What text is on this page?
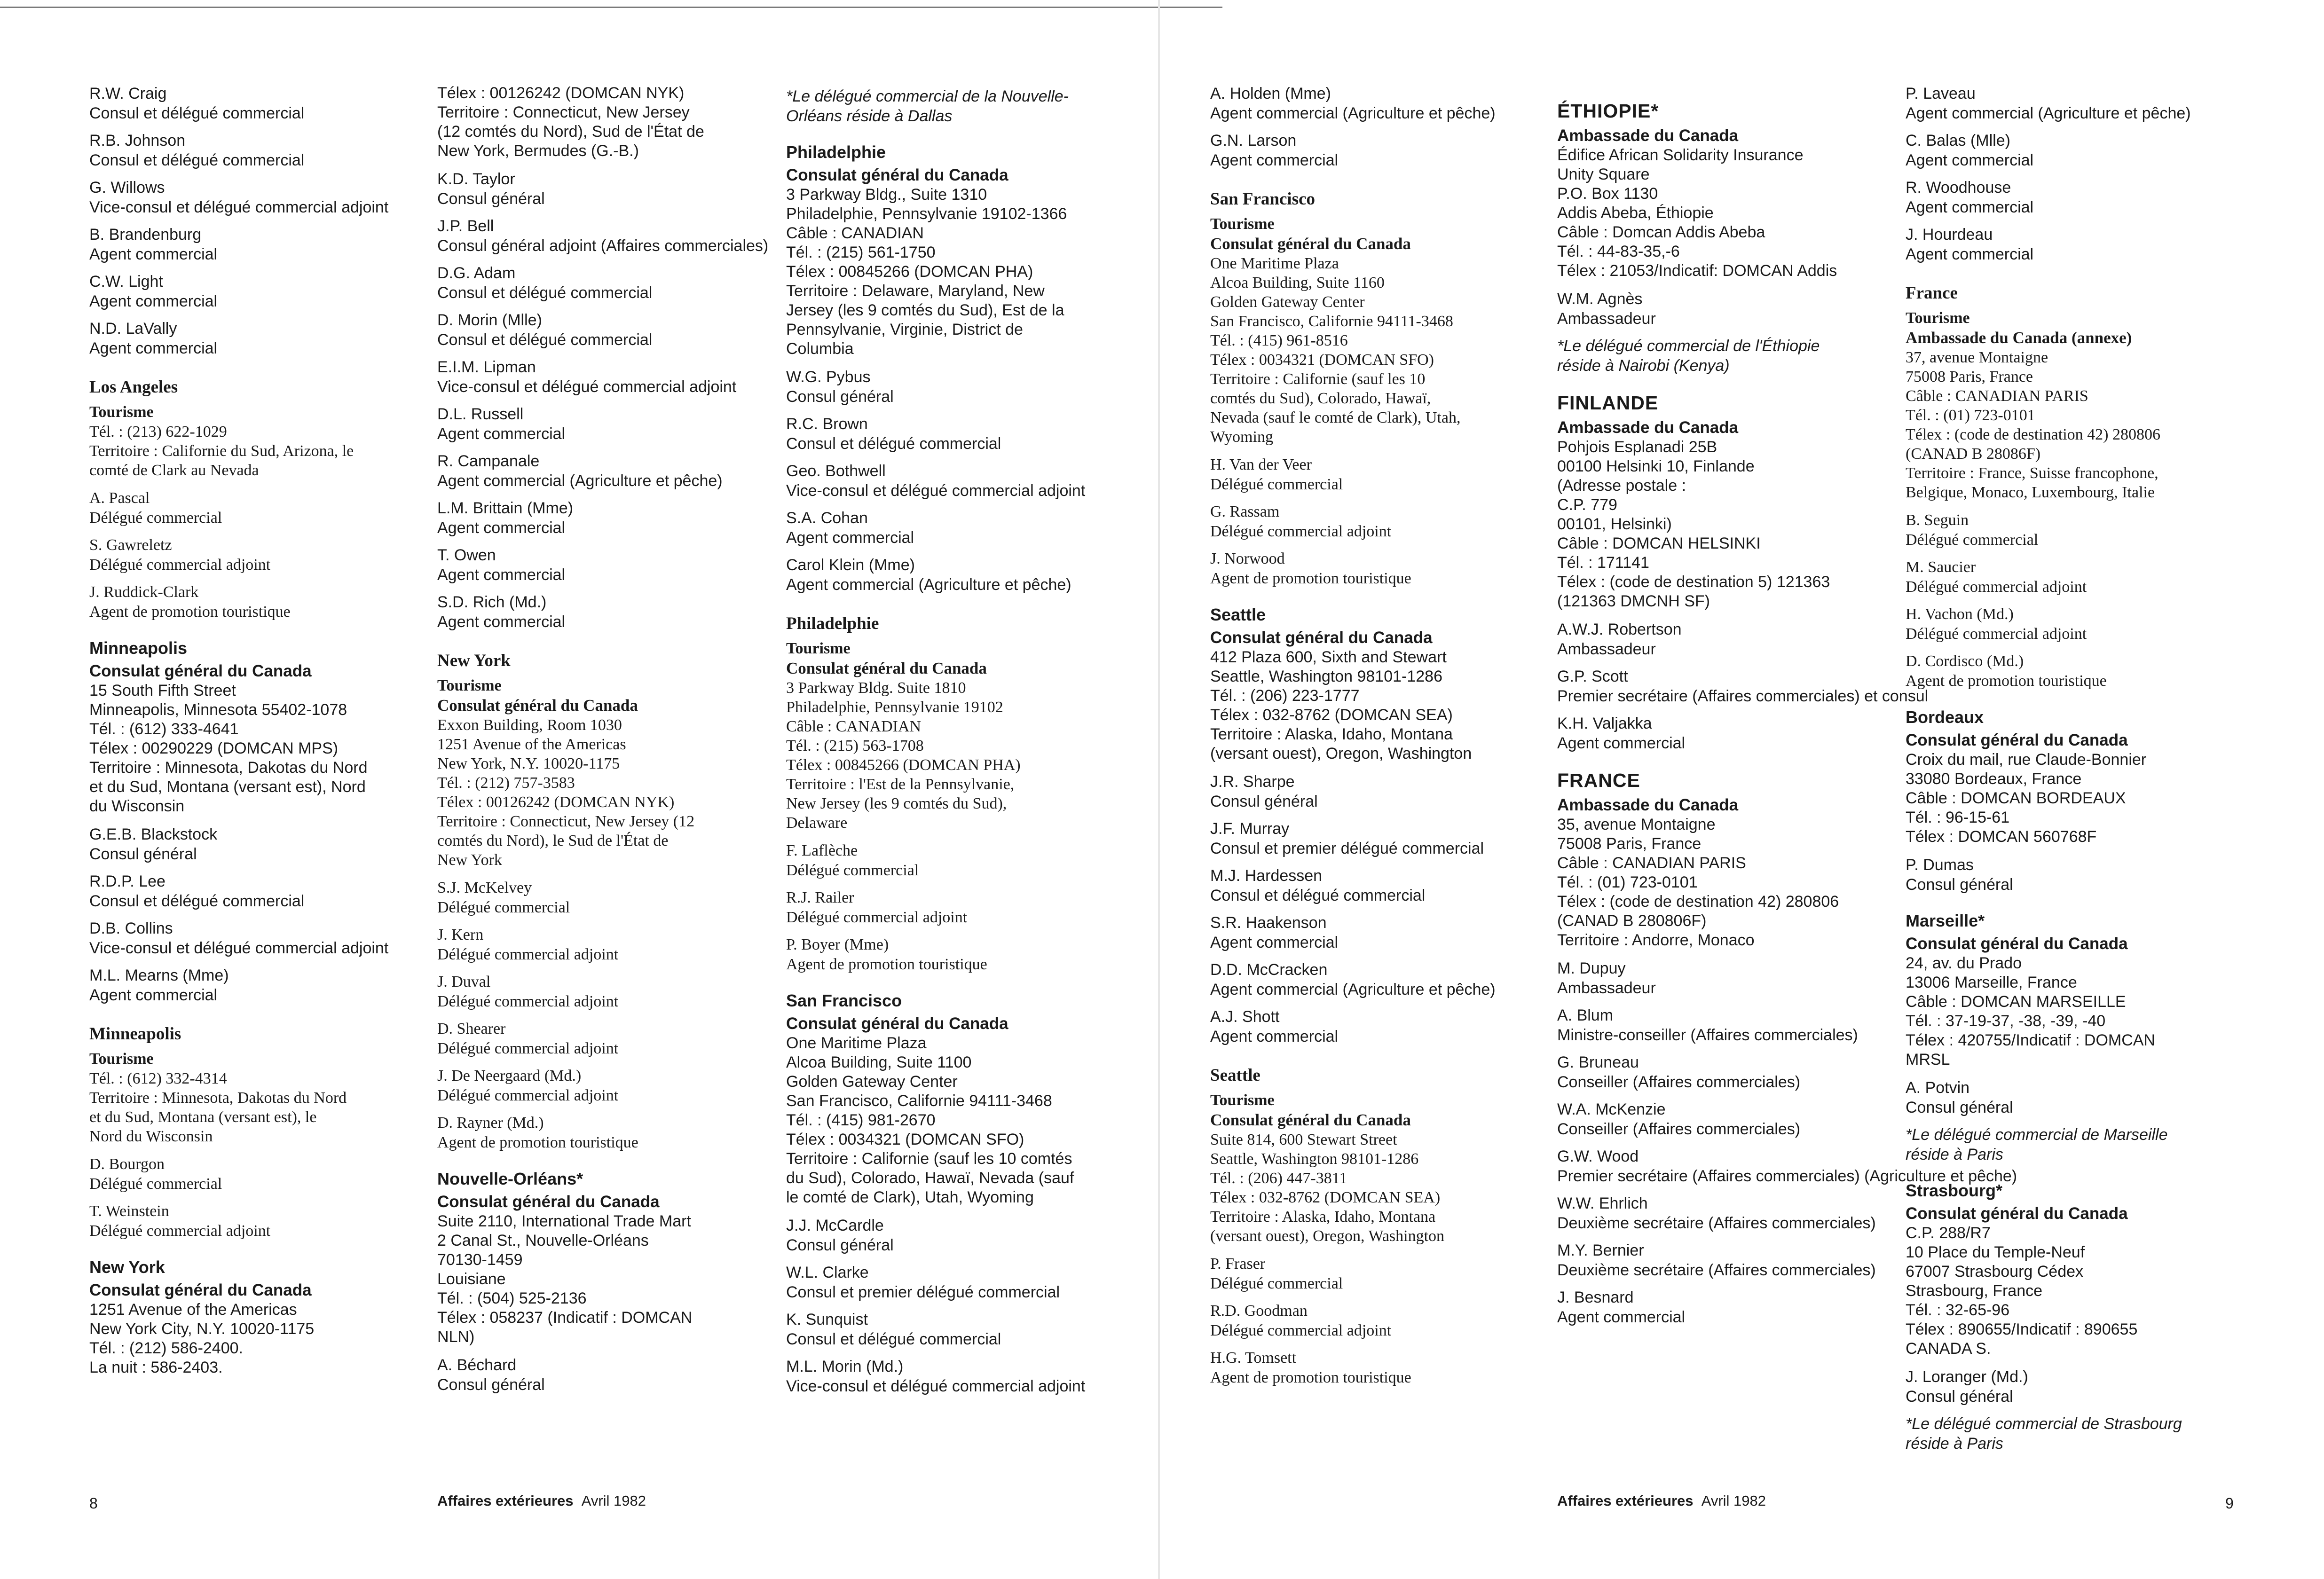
R.W. Craig
Consul et délégué commercial
R.B. Johnson
Consul et délégué commercial
G. Willows
Vice-consul et délégué commercial adjoint
B. Brandenburg
Agent commercial
C.W. Light
Agent commercial
N.D. LaVally
Agent commercial
Los Angeles
Tourisme
Tél. : (213) 622-1029
Territoire : Californie du Sud, Arizona, le
comté de Clark au Nevada
A. Pascal
Délégué commercial
S. Gawreletz
Délégué commercial adjoint
J. Ruddick-Clark
Agent de promotion touristique
Minneapolis
Consulat général du Canada
15 South Fifth Street
Minneapolis, Minnesota 55402-1078
Tél. : (612) 333-4641
Télex : 00290229 (DOMCAN MPS)
Territoire : Minnesota, Dakotas du Nord
et du Sud, Montana (versant est), Nord
du Wisconsin
G.E.B. Blackstock
Consul général
R.D.P. Lee
Consul et délégué commercial
D.B. Collins
Vice-consul et délégué commercial adjoint
M.L. Mearns (Mme)
Agent commercial
Minneapolis
Tourisme
Tél. : (612) 332-4314
Territoire : Minnesota, Dakotas du Nord
et du Sud, Montana (versant est), le
Nord du Wisconsin
D. Bourgon
Délégué commercial
T. Weinstein
Délégué commercial adjoint
New York
Consulat général du Canada
1251 Avenue of the Americas
New York City, N.Y. 10020-1175
Tél. : (212) 586-2400.
La nuit : 586-2403.
Télex : 00126242 (DOMCAN NYK)
Territoire : Connecticut, New Jersey
(12 comtés du Nord), Sud de l'État de
New York, Bermudes (G.-B.)
K.D. Taylor
Consul général
J.P. Bell
Consul général adjoint (Affaires commerciales)
D.G. Adam
Consul et délégué commercial
D. Morin (Mlle)
Consul et délégué commercial
E.I.M. Lipman
Vice-consul et délégué commercial adjoint
D.L. Russell
Agent commercial
R. Campanale
Agent commercial (Agriculture et pêche)
L.M. Brittain (Mme)
Agent commercial
T. Owen
Agent commercial
S.D. Rich (Md.)
Agent commercial
New York
Tourisme
Consulat général du Canada
Exxon Building, Room 1030
1251 Avenue of the Americas
New York, N.Y. 10020-1175
Tél. : (212) 757-3583
Télex : 00126242 (DOMCAN NYK)
Territoire : Connecticut, New Jersey (12
comtés du Nord), le Sud de l'État de
New York
S.J. McKelvey
Délégué commercial
J. Kern
Délégué commercial adjoint
J. Duval
Délégué commercial adjoint
D. Shearer
Délégué commercial adjoint
J. De Neergaard (Md.)
Délégué commercial adjoint
D. Rayner (Md.)
Agent de promotion touristique
Nouvelle-Orléans*
Consulat général du Canada
Suite 2110, International Trade Mart
2 Canal St., Nouvelle-Orléans
70130-1459
Louisiane
Tél. : (504) 525-2136
Télex : 058237 (Indicatif : DOMCAN
NLN)
A. Béchard
Consul général
*Le délégué commercial de la Nouvelle-
Orléans réside à Dallas
Philadelphie
Consulat général du Canada
3 Parkway Bldg., Suite 1310
Philadelphie, Pennsylvanie 19102-1366
Câble : CANADIAN
Tél. : (215) 561-1750
Télex : 00845266 (DOMCAN PHA)
Territoire : Delaware, Maryland, New
Jersey (les 9 comtés du Sud), Est de la
Pennsylvanie, Virginie, District de
Columbia
W.G. Pybus
Consul général
R.C. Brown
Consul et délégué commercial
Geo. Bothwell
Vice-consul et délégué commercial adjoint
S.A. Cohan
Agent commercial
Carol Klein (Mme)
Agent commercial (Agriculture et pêche)
Philadelphie
Tourisme
Consulat général du Canada
3 Parkway Bldg. Suite 1810
Philadelphie, Pennsylvanie 19102
Câble : CANADIAN
Tél. : (215) 563-1708
Télex : 00845266 (DOMCAN PHA)
Territoire : l'Est de la Pennsylvanie,
New Jersey (les 9 comtés du Sud),
Delaware
F. Laflèche
Délégué commercial
R.J. Railer
Délégué commercial adjoint
P. Boyer (Mme)
Agent de promotion touristique
San Francisco
Consulat général du Canada
One Maritime Plaza
Alcoa Building, Suite 1100
Golden Gateway Center
San Francisco, Californie 94111-3468
Tél. : (415) 981-2670
Télex : 0034321 (DOMCAN SFO)
Territoire : Californie (sauf les 10 comtés
du Sud), Colorado, Hawaï, Nevada (sauf
le comté de Clark), Utah, Wyoming
J.J. McCardle
Consul général
W.L. Clarke
Consul et premier délégué commercial
K. Sunquist
Consul et délégué commercial
M.L. Morin (Md.)
Vice-consul et délégué commercial adjoint
A. Holden (Mme)
Agent commercial (Agriculture et pêche)
G.N. Larson
Agent commercial
San Francisco
Tourisme
Consulat général du Canada
One Maritime Plaza
Alcoa Building, Suite 1160
Golden Gateway Center
San Francisco, Californie 94111-3468
Tél. : (415) 961-8516
Télex : 0034321 (DOMCAN SFO)
Territoire : Californie (sauf les 10
comtés du Sud), Colorado, Hawaï,
Nevada (sauf le comté de Clark), Utah,
Wyoming
H. Van der Veer
Délégué commercial
G. Rassam
Délégué commercial adjoint
J. Norwood
Agent de promotion touristique
Seattle
Consulat général du Canada
412 Plaza 600, Sixth and Stewart
Seattle, Washington 98101-1286
Tél. : (206) 223-1777
Télex : 032-8762 (DOMCAN SEA)
Territoire : Alaska, Idaho, Montana
(versant ouest), Oregon, Washington
J.R. Sharpe
Consul général
J.F. Murray
Consul et premier délégué commercial
M.J. Hardessen
Consul et délégué commercial
S.R. Haakenson
Agent commercial
D.D. McCracken
Agent commercial (Agriculture et pêche)
A.J. Shott
Agent commercial
Seattle
Tourisme
Consulat général du Canada
Suite 814, 600 Stewart Street
Seattle, Washington 98101-1286
Tél. : (206) 447-3811
Télex : 032-8762 (DOMCAN SEA)
Territoire : Alaska, Idaho, Montana
(versant ouest), Oregon, Washington
P. Fraser
Délégué commercial
R.D. Goodman
Délégué commercial adjoint
H.G. Tomsett
Agent de promotion touristique
ÉTHIOPIE*
Ambassade du Canada
Édifice African Solidarity Insurance
Unity Square
P.O. Box 1130
Addis Abeba, Éthiopie
Câble : Domcan Addis Abeba
Tél. : 44-83-35,-6
Télex : 21053/Indicatif: DOMCAN Addis
W.M. Agnès
Ambassadeur
*Le délégué commercial de l'Éthiopie
réside à Nairobi (Kenya)
FINLANDE
Ambassade du Canada
Pohjois Esplanadi 25B
00100 Helsinki 10, Finlande
(Adresse postale :
C.P. 779
00101, Helsinki)
Câble : DOMCAN HELSINKI
Tél. : 171141
Télex : (code de destination 5) 121363
(121363 DMCNH SF)
A.W.J. Robertson
Ambassadeur
G.P. Scott
Premier secrétaire (Affaires commerciales) et consul
K.H. Valjakka
Agent commercial
FRANCE
Ambassade du Canada
35, avenue Montaigne
75008 Paris, France
Câble : CANADIAN PARIS
Tél. : (01) 723-0101
Télex : (code de destination 42) 280806
(CANAD B 280806F)
Territoire : Andorre, Monaco
M. Dupuy
Ambassadeur
A. Blum
Ministre-conseiller (Affaires commerciales)
G. Bruneau
Conseiller (Affaires commerciales)
W.A. McKenzie
Conseiller (Affaires commerciales)
G.W. Wood
Premier secrétaire (Affaires commerciales) (Agriculture et pêche)
W.W. Ehrlich
Deuxième secrétaire (Affaires commerciales)
M.Y. Bernier
Deuxième secrétaire (Affaires commerciales)
J. Besnard
Agent commercial
P. Laveau
Agent commercial (Agriculture et pêche)
C. Balas (Mlle)
Agent commercial
R. Woodhouse
Agent commercial
J. Hourdeau
Agent commercial
France
Tourisme
Ambassade du Canada (annexe)
37, avenue Montaigne
75008 Paris, France
Câble : CANADIAN PARIS
Tél. : (01) 723-0101
Télex : (code de destination 42) 280806
(CANAD B 28086F)
Territoire : France, Suisse francophone,
Belgique, Monaco, Luxembourg, Italie
B. Seguin
Délégué commercial
M. Saucier
Délégué commercial adjoint
H. Vachon (Md.)
Délégué commercial adjoint
D. Cordisco (Md.)
Agent de promotion touristique
Bordeaux
Consulat général du Canada
Croix du mail, rue Claude-Bonnier
33080 Bordeaux, France
Câble : DOMCAN BORDEAUX
Tél. : 96-15-61
Télex : DOMCAN 560768F
P. Dumas
Consul général
Marseille*
Consulat général du Canada
24, av. du Prado
13006 Marseille, France
Câble : DOMCAN MARSEILLE
Tél. : 37-19-37, -38, -39, -40
Télex : 420755/Indicatif : DOMCAN
MRSL
A. Potvin
Consul général
*Le délégué commercial de Marseille
réside à Paris
Strasbourg*
Consulat général du Canada
C.P. 288/R7
10 Place du Temple-Neuf
67007 Strasbourg Cédex
Strasbourg, France
Tél. : 32-65-96
Télex : 890655/Indicatif : 890655
CANADA S.
J. Loranger (Md.)
Consul général
*Le délégué commercial de Strasbourg
réside à Paris
8	Affaires extérieures Avril 1982	Affaires extérieures Avril 1982	9
